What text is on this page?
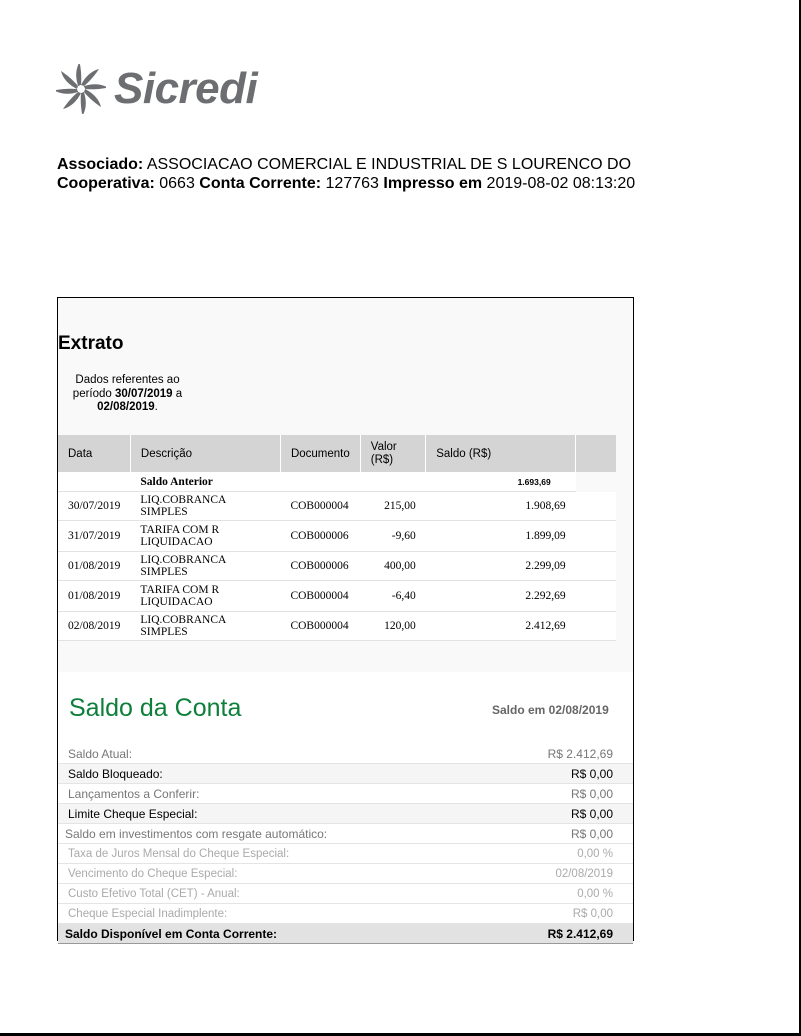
Sicredi
Associado: ASSOCIACAO COMERCIAL E INDUSTRIAL DE S LOURENCO DO
Cooperativa: 0663 Conta Corrente: 127763 Impresso em 2019-08-02 08:13:20
Extrato
Dados referentes ao período 30/07/2019 a 02/08/2019.
Data	Descrição	Documento	Valor (R$)	Saldo (R$)	
	Saldo Anterior			1.693,69	
30/07/2019	LIQ.COBRANCA SIMPLES	COB000004	215,00	1.908,69	
31/07/2019	TARIFA COM R LIQUIDACAO	COB000006	-9,60	1.899,09	
01/08/2019	LIQ.COBRANCA SIMPLES	COB000006	400,00	2.299,09	
01/08/2019	TARIFA COM R LIQUIDACAO	COB000004	-6,40	2.292,69	
02/08/2019	LIQ.COBRANCA SIMPLES	COB000004	120,00	2.412,69	
Saldo da Conta	Saldo em 02/08/2019
Saldo Atual:	R$ 2.412,69
Saldo Bloqueado:	R$ 0,00
Lançamentos a Conferir:	R$ 0,00
Limite Cheque Especial:	R$ 0,00
Saldo em investimentos com resgate automático:	R$ 0,00
Taxa de Juros Mensal do Cheque Especial:	0,00 %
Vencimento do Cheque Especial:	02/08/2019
Custo Efetivo Total (CET) - Anual:	0,00 %
Cheque Especial Inadimplente:	R$ 0,00
Saldo Disponível em Conta Corrente:	R$ 2.412,69
